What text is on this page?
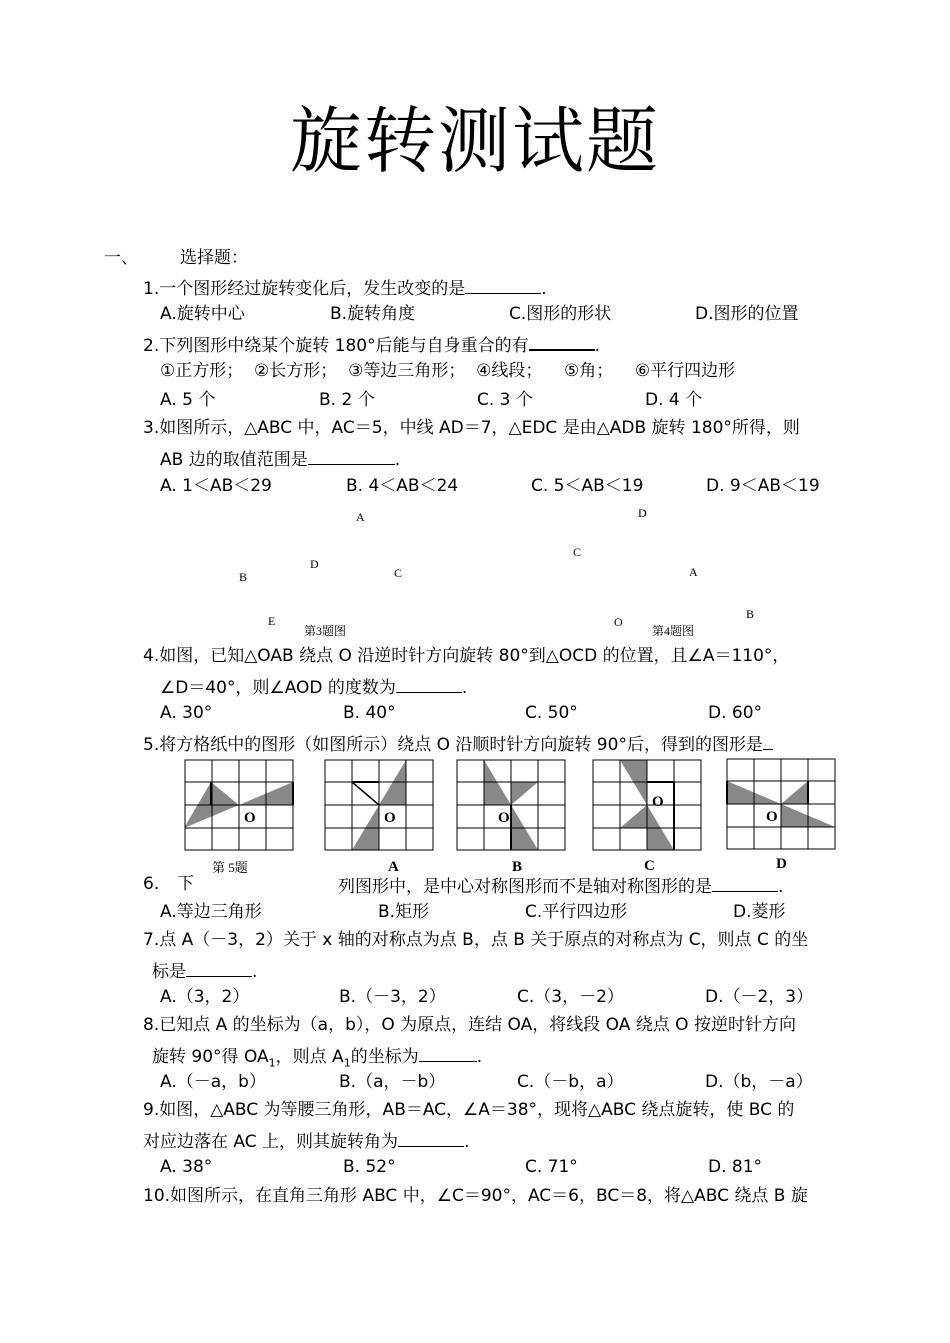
旋转测试题
一、 选择题：
1.一个图形经过旋转变化后，发生改变的是	.
A.旋转中心	B.旋转角度	C.图形的形状	D.图形的位置
2.下列图形中绕某个旋转 180°后能与自身重合的有	.
①正方形；  ②长方形；  ③等边三角形；  ④线段；    ⑤角；    ⑥平行四边形
A. 5 个	B. 2 个	C. 3 个	D. 4 个
3.如图所示，△ABC 中，AC＝5，中线 AD＝7，△EDC 是由△ADB 旋转 180°所得，则
AB 边的取值范围是	.
A. 1＜AB＜29	B. 4＜AB＜24	C. 5＜AB＜19	D. 9＜AB＜19
A
D
B	C
E
第3题图
D
C
A
B
O
第4题图
4.如图，已知△OAB 绕点 O 沿逆时针方向旋转 80°到△OCD 的位置，且∠A＝110°，
∠D＝40°，则∠AOD 的度数为	.
A. 30°	B. 40°	C. 50°	D. 60°
5.将方格纸中的图形（如图所示）绕点 O 沿顺时针方向旋转 90°后，得到的图形是
O	O	O
O
O
第 5题	A	B	C	D
6. 下	列图形中，是中心对称图形而不是轴对称图形的是	.
A.等边三角形	B.矩形	C.平行四边形	D.菱形
7.点 A（－3，2）关于 x 轴的对称点为点 B，点 B 关于原点的对称点为 C，则点 C 的坐
标是	.
A.（3，2）	B.（－3，2）	C.（3，－2）	D.（－2，3）
8.已知点 A 的坐标为（a，b），O 为原点，连结 OA，将线段 OA 绕点 O 按逆时针方向
旋转 90°得 $OA_1$，则点 $A_1$的坐标为	.
A.（－a，b）	B.（a，－b）	C.（－b，a）	D.（b，－a）
9.如图，△ABC 为等腰三角形，AB＝AC，∠A＝38°，现将△ABC 绕点旋转，使 BC 的
对应边落在 AC 上，则其旋转角为	.
A. 38°	B. 52°	C. 71°	D. 81°
10.如图所示，在直角三角形 ABC 中，∠C＝90°，AC＝6，BC＝8，将△ABC 绕点 B 旋
